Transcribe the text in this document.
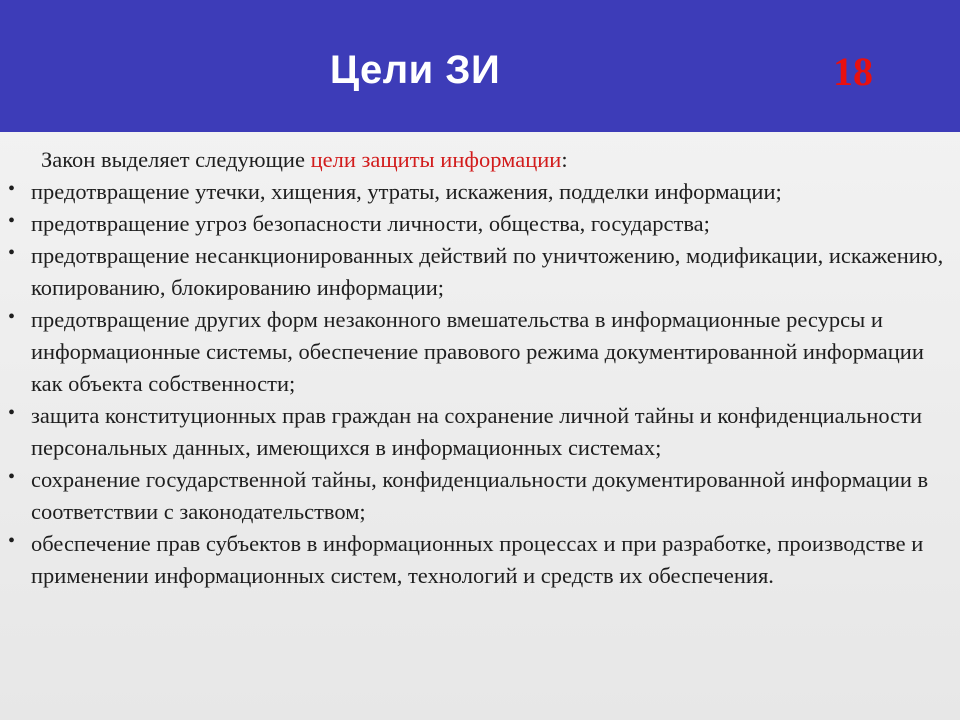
Цели ЗИ	18
Закон выделяет следующие цели защиты информации:
• предотвращение утечки, хищения, утраты, искажения, подделки информации;
• предотвращение угроз безопасности личности, общества, государства;
• предотвращение несанкционированных действий по уничтожению, модификации, искажению, копированию, блокированию информации;
• предотвращение других форм незаконного вмешательства в информационные ресурсы и информационные системы, обеспечение правового режима документированной информации как объекта собственности;
• защита конституционных прав граждан на сохранение личной тайны и конфиденциальности персональных данных, имеющихся в информационных системах;
• сохранение государственной тайны, конфиденциальности документированной информации в соответствии с законодательством;
• обеспечение прав субъектов в информационных процессах и при разработке, производстве и применении информационных систем, технологий и средств их обеспечения.
